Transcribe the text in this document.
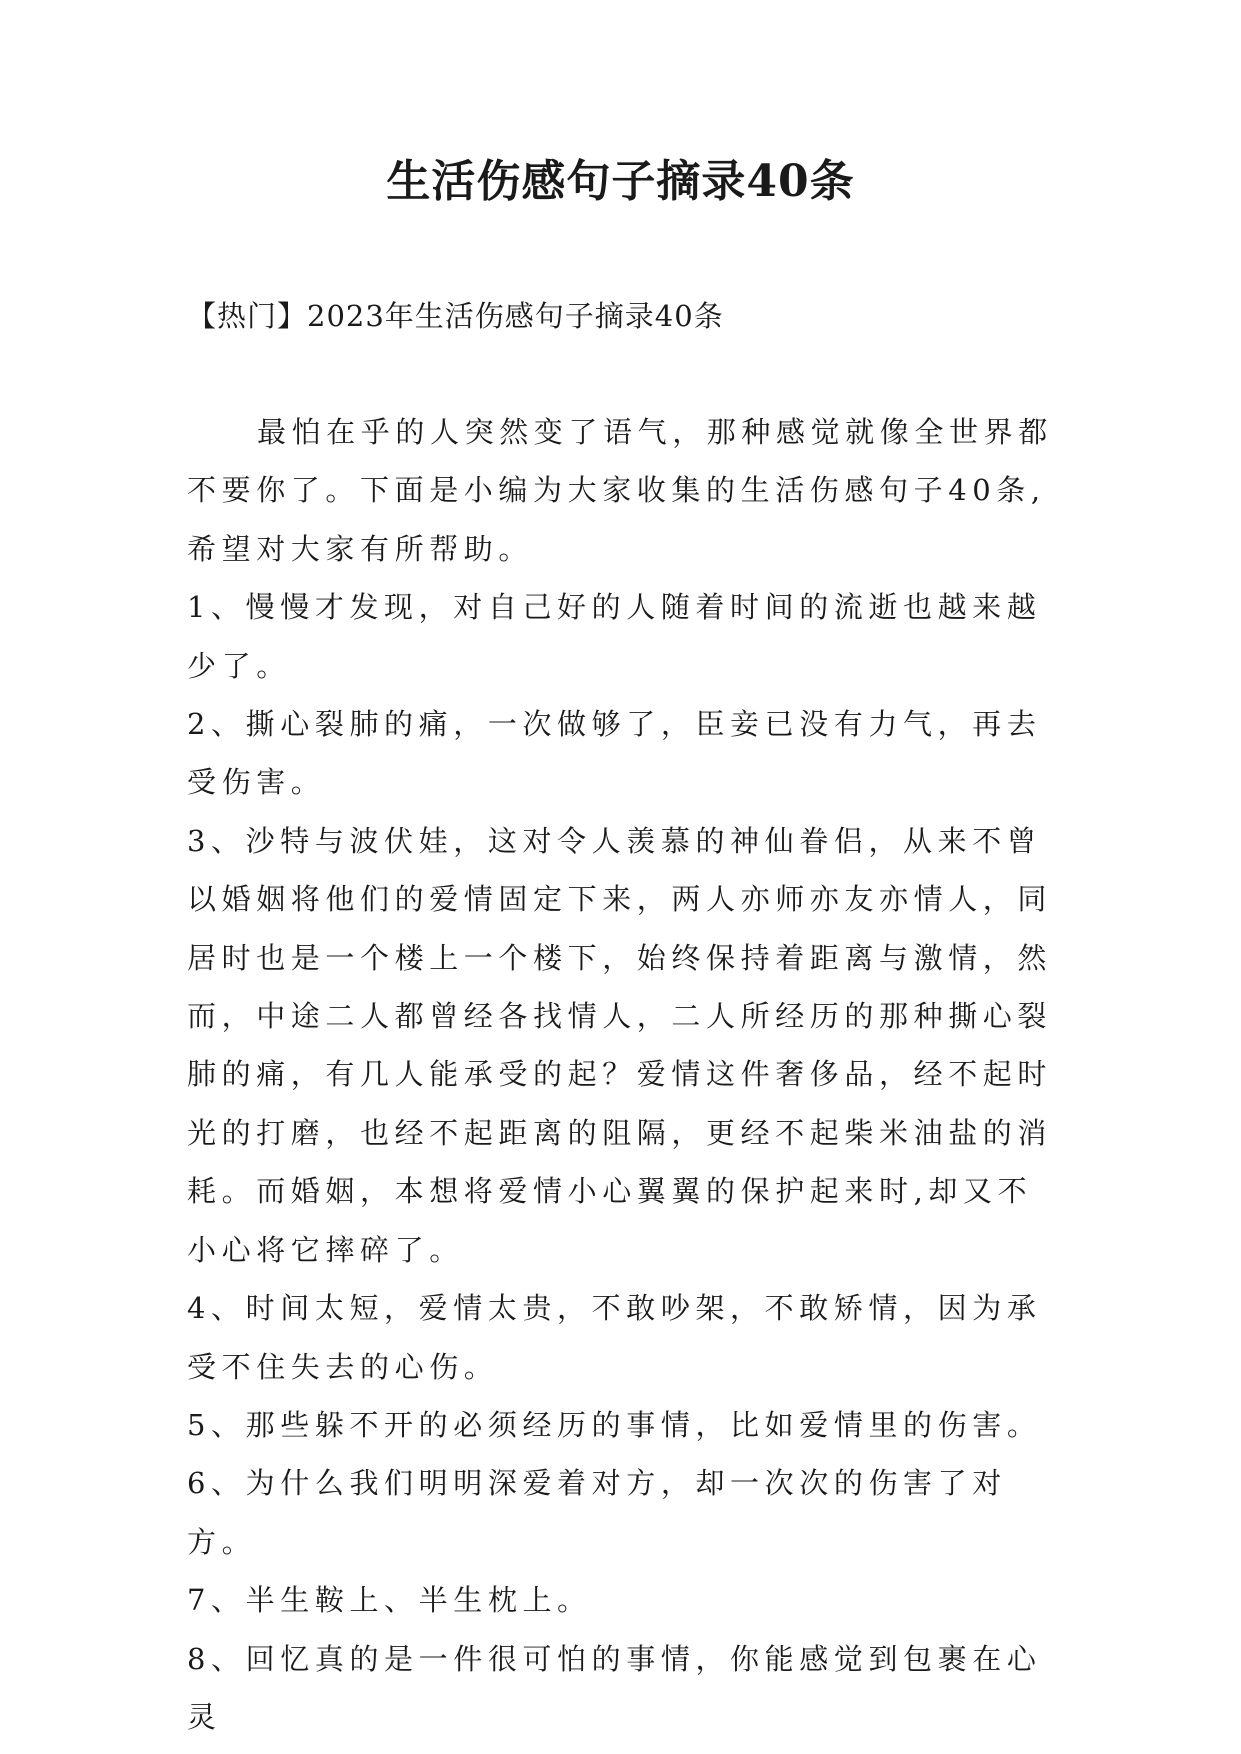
生活伤感句子摘录40条
【热门】2023年生活伤感句子摘录40条

最怕在乎的人突然变了语气，那种感觉就像全世界都不要你了。下面是小编为大家收集的生活伤感句子40条,希望对大家有所帮助。

1、慢慢才发现，对自己好的人随着时间的流逝也越来越少了。

2、撕心裂肺的痛，一次做够了，臣妾已没有力气，再去受伤害。

3、沙特与波伏娃，这对令人羡慕的神仙眷侣，从来不曾以婚姻将他们的爱情固定下来，两人亦师亦友亦情人，同居时也是一个楼上一个楼下，始终保持着距离与激情，然而，中途二人都曾经各找情人，二人所经历的那种撕心裂肺的痛，有几人能承受的起？爱情这件奢侈品，经不起时光的打磨，也经不起距离的阻隔，更经不起柴米油盐的消耗。而婚姻，本想将爱情小心翼翼的保护起来时,却又不小心将它摔碎了。

4、时间太短，爱情太贵，不敢吵架，不敢矫情，因为承受不住失去的心伤。

5、那些躲不开的必须经历的事情，比如爱情里的伤害。

6、为什么我们明明深爱着对方，却一次次的伤害了对方。

7、半生鞍上、半生枕上。

8、回忆真的是一件很可怕的事情，你能感觉到包裹在心灵
